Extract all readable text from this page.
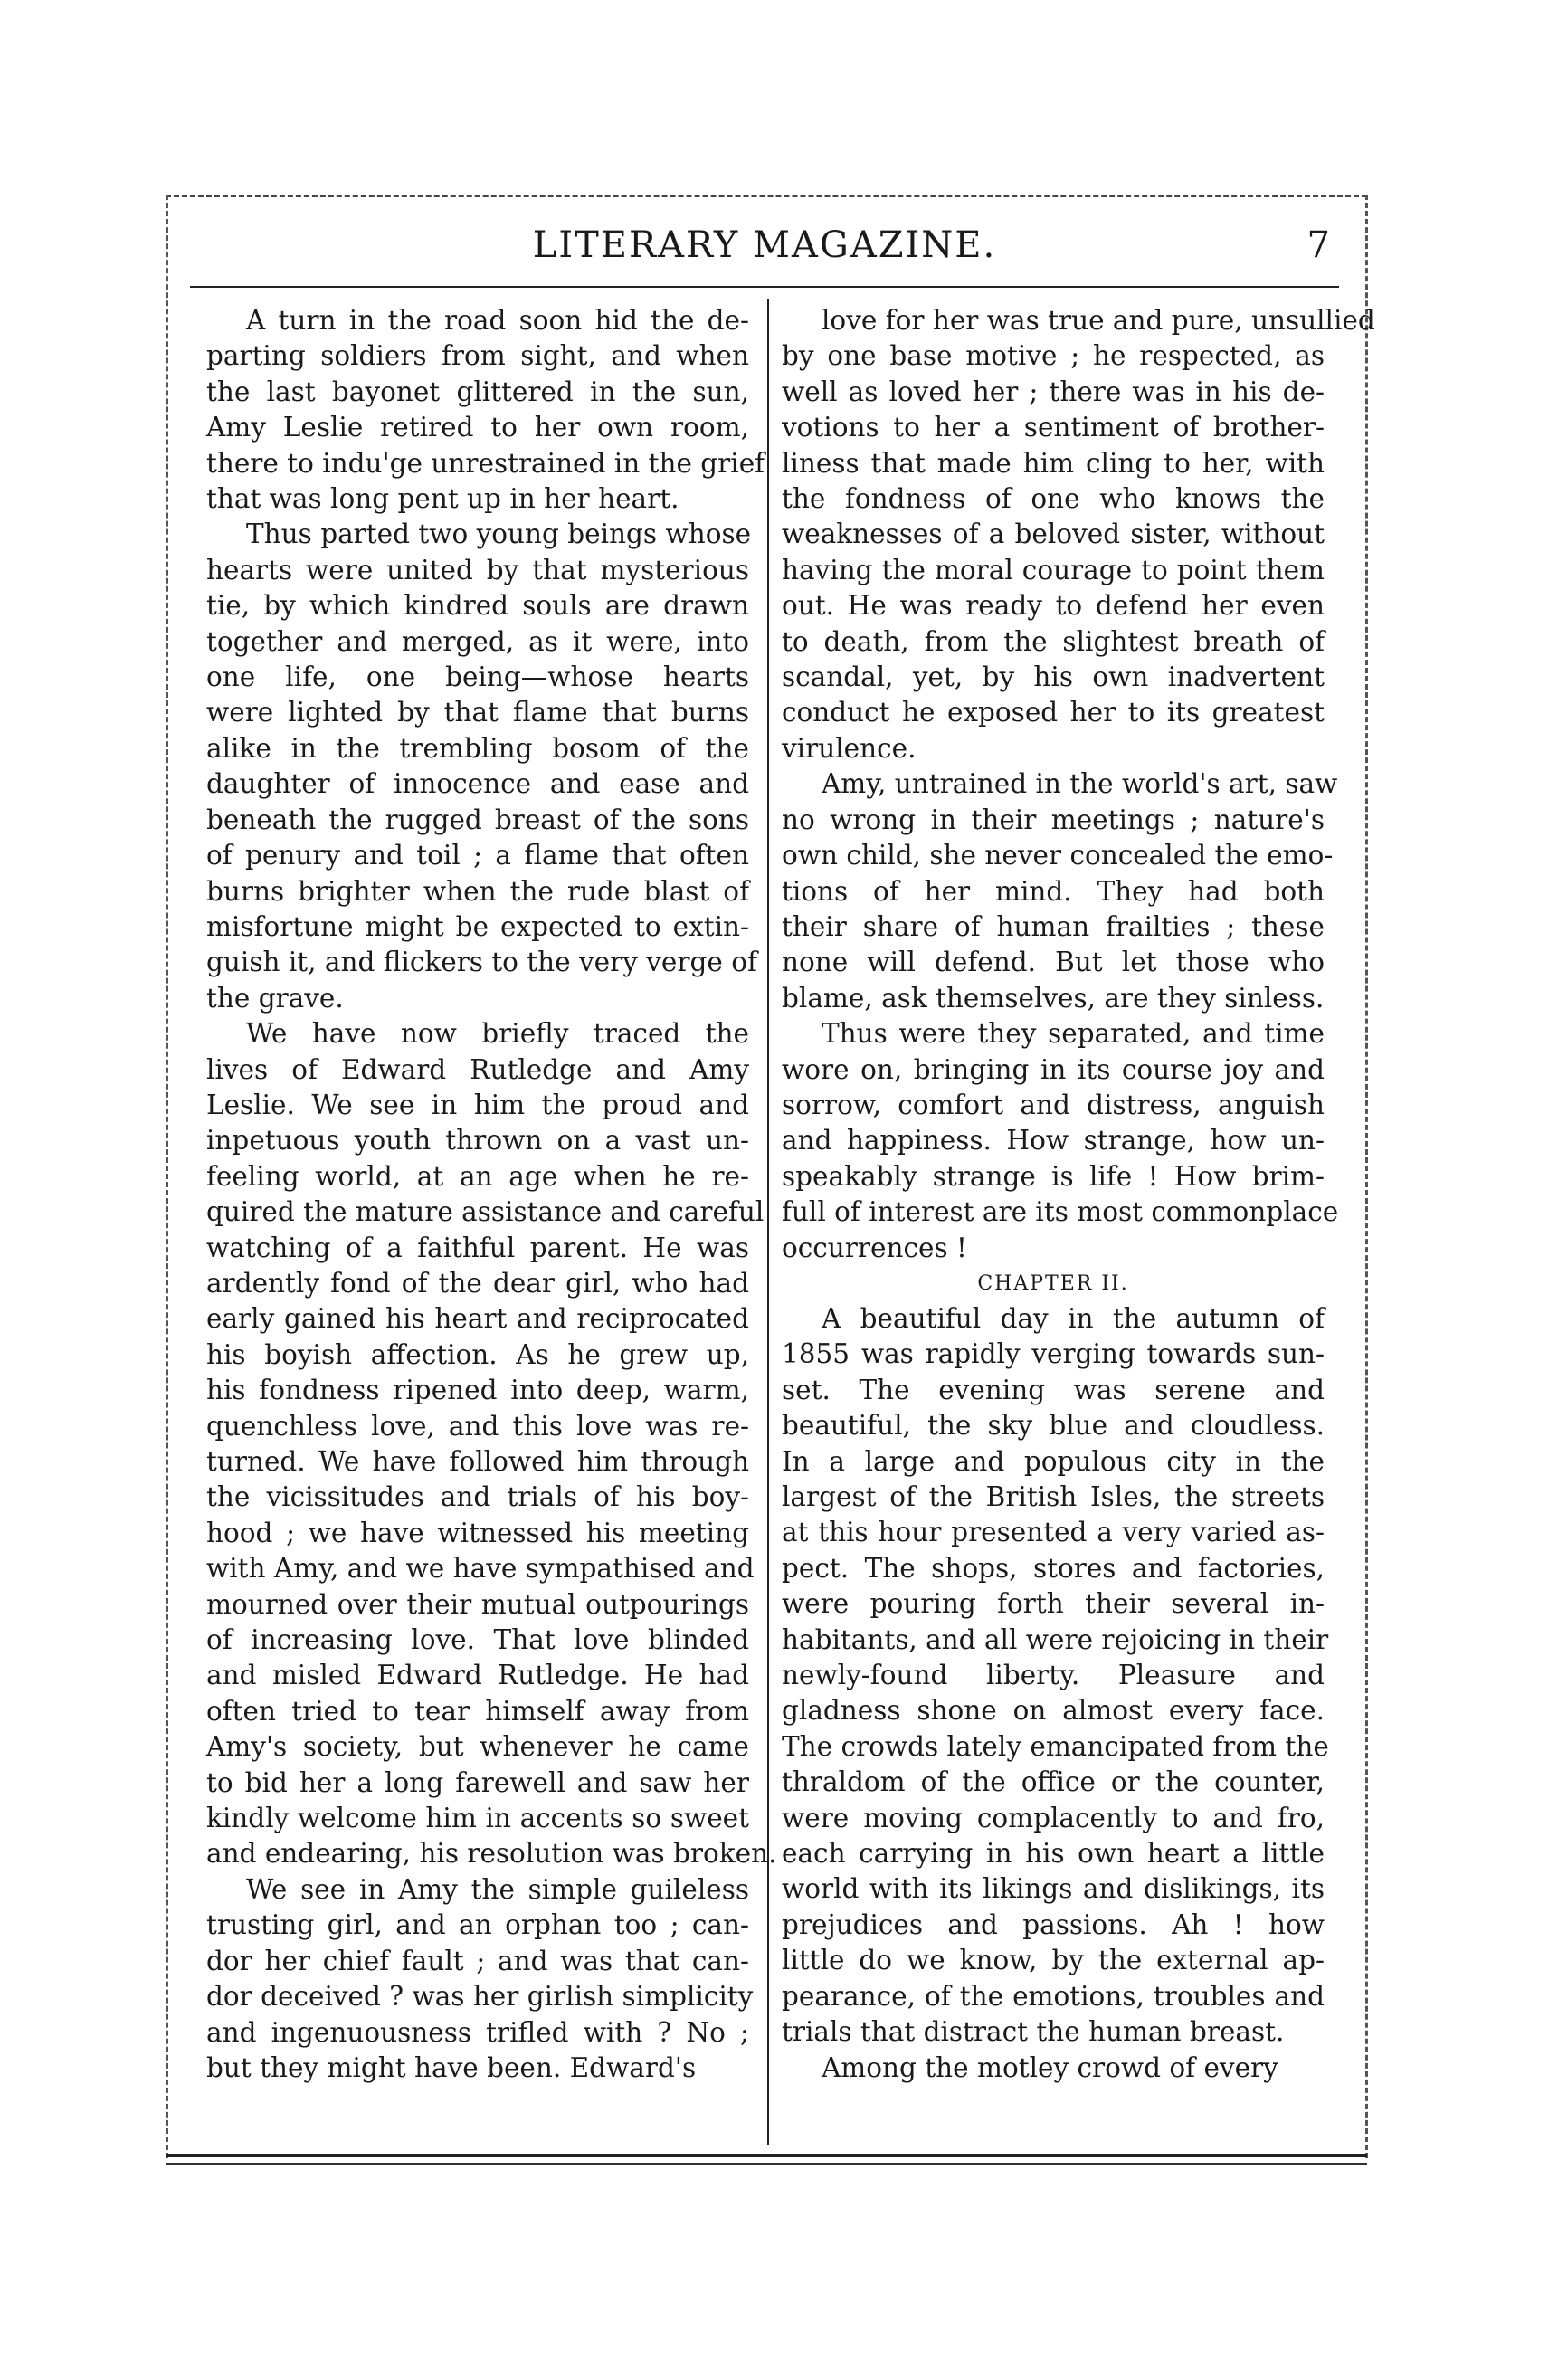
LITERARY MAGAZINE.	7
A turn in the road soon hid the de-
parting soldiers from sight, and when
the last bayonet glittered in the sun,
Amy Leslie retired to her own room,
there to indu'ge unrestrained in the grief
that was long pent up in her heart.
Thus parted two young beings whose
hearts were united by that mysterious
tie, by which kindred souls are drawn
together and merged, as it were, into
one life, one being—whose hearts
were lighted by that flame that burns
alike in the trembling bosom of the
daughter of innocence and ease and
beneath the rugged breast of the sons
of penury and toil ; a flame that often
burns brighter when the rude blast of
misfortune might be expected to extin-
guish it, and flickers to the very verge of
the grave.
We have now briefly traced the
lives of Edward Rutledge and Amy
Leslie. We see in him the proud and
inpetuous youth thrown on a vast un-
feeling world, at an age when he re-
quired the mature assistance and careful
watching of a faithful parent. He was
ardently fond of the dear girl, who had
early gained his heart and reciprocated
his boyish affection. As he grew up,
his fondness ripened into deep, warm,
quenchless love, and this love was re-
turned. We have followed him through
the vicissitudes and trials of his boy-
hood ; we have witnessed his meeting
with Amy, and we have sympathised and
mourned over their mutual outpourings
of increasing love. That love blinded
and misled Edward Rutledge. He had
often tried to tear himself away from
Amy's society, but whenever he came
to bid her a long farewell and saw her
kindly welcome him in accents so sweet
and endearing, his resolution was broken.
We see in Amy the simple guileless
trusting girl, and an orphan too ; can-
dor her chief fault ; and was that can-
dor deceived ? was her girlish simplicity
and ingenuousness trifled with ? No ;
but they might have been. Edward's
love for her was true and pure, unsullied
by one base motive ; he respected, as
well as loved her ; there was in his de-
votions to her a sentiment of brother-
liness that made him cling to her, with
the fondness of one who knows the
weaknesses of a beloved sister, without
having the moral courage to point them
out. He was ready to defend her even
to death, from the slightest breath of
scandal, yet, by his own inadvertent
conduct he exposed her to its greatest
virulence.
Amy, untrained in the world's art, saw
no wrong in their meetings ; nature's
own child, she never concealed the emo-
tions of her mind. They had both
their share of human frailties ; these
none will defend. But let those who
blame, ask themselves, are they sinless.
Thus were they separated, and time
wore on, bringing in its course joy and
sorrow, comfort and distress, anguish
and happiness. How strange, how un-
speakably strange is life ! How brim-
full of interest are its most commonplace
occurrences !
CHAPTER II.
A beautiful day in the autumn of
1855 was rapidly verging towards sun-
set. The evening was serene and
beautiful, the sky blue and cloudless.
In a large and populous city in the
largest of the British Isles, the streets
at this hour presented a very varied as-
pect. The shops, stores and factories,
were pouring forth their several in-
habitants, and all were rejoicing in their
newly-found liberty. Pleasure and
gladness shone on almost every face.
The crowds lately emancipated from the
thraldom of the office or the counter,
were moving complacently to and fro,
each carrying in his own heart a little
world with its likings and dislikings, its
prejudices and passions. Ah ! how
little do we know, by the external ap-
pearance, of the emotions, troubles and
trials that distract the human breast.
Among the motley crowd of every
